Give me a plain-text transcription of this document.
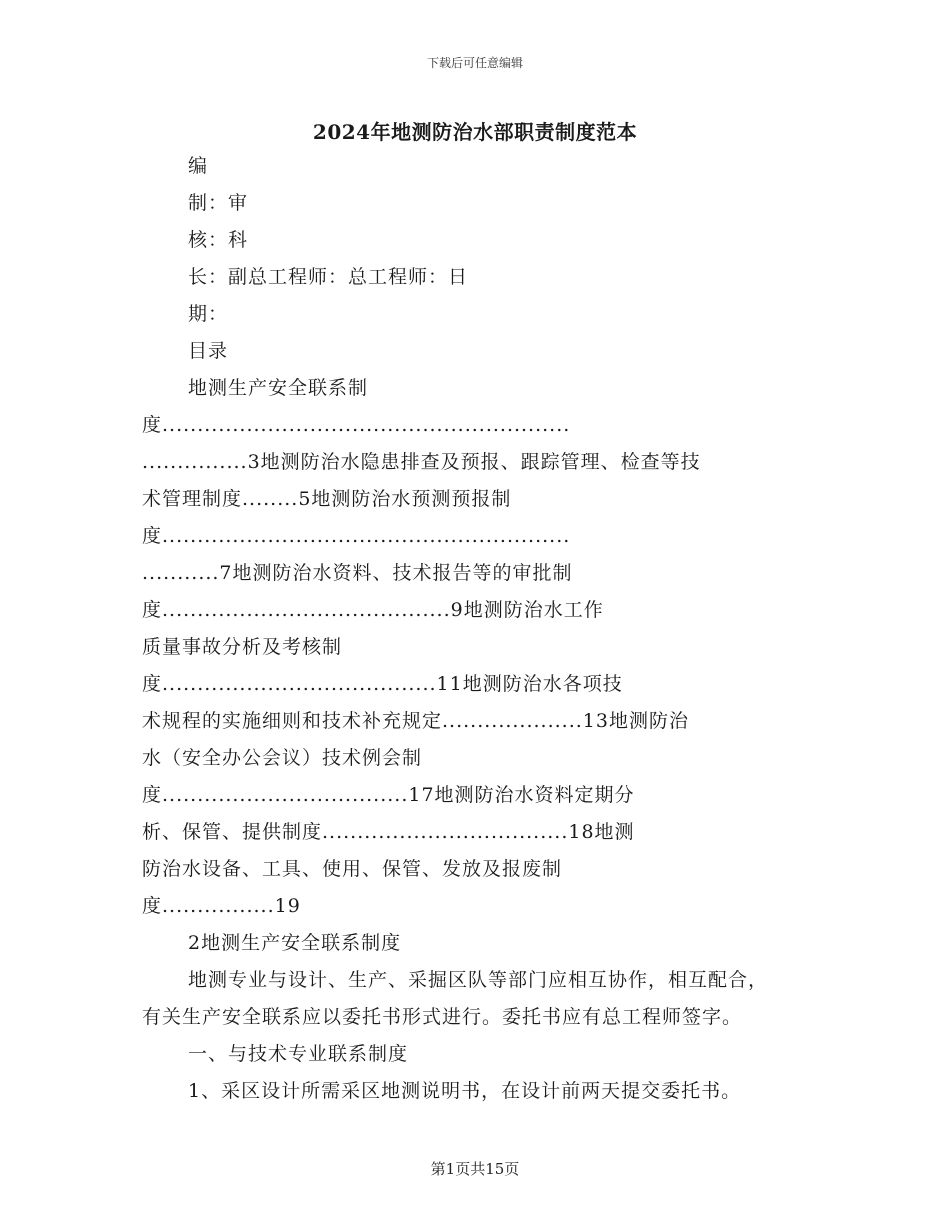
下载后可任意编辑
2024年地测防治水部职责制度范本
编
制：审
核：科
长：副总工程师：总工程师：日
期：
目录
地测生产安全联系制
度..........................................................
...............3地测防治水隐患排查及预报、跟踪管理、检查等技
术管理制度........5地测防治水预测预报制
度..........................................................
...........7地测防治水资料、技术报告等的审批制
度.........................................9地测防治水工作
质量事故分析及考核制
度.......................................11地测防治水各项技
术规程的实施细则和技术补充规定....................13地测防治
水（安全办公会议）技术例会制
度...................................17地测防治水资料定期分
析、保管、提供制度...................................18地测
防治水设备、工具、使用、保管、发放及报废制
度................19
2地测生产安全联系制度
地测专业与设计、生产、采掘区队等部门应相互协作，相互配合，
有关生产安全联系应以委托书形式进行。委托书应有总工程师签字。
一、与技术专业联系制度
1、采区设计所需采区地测说明书，在设计前两天提交委托书。
第1页共15页
